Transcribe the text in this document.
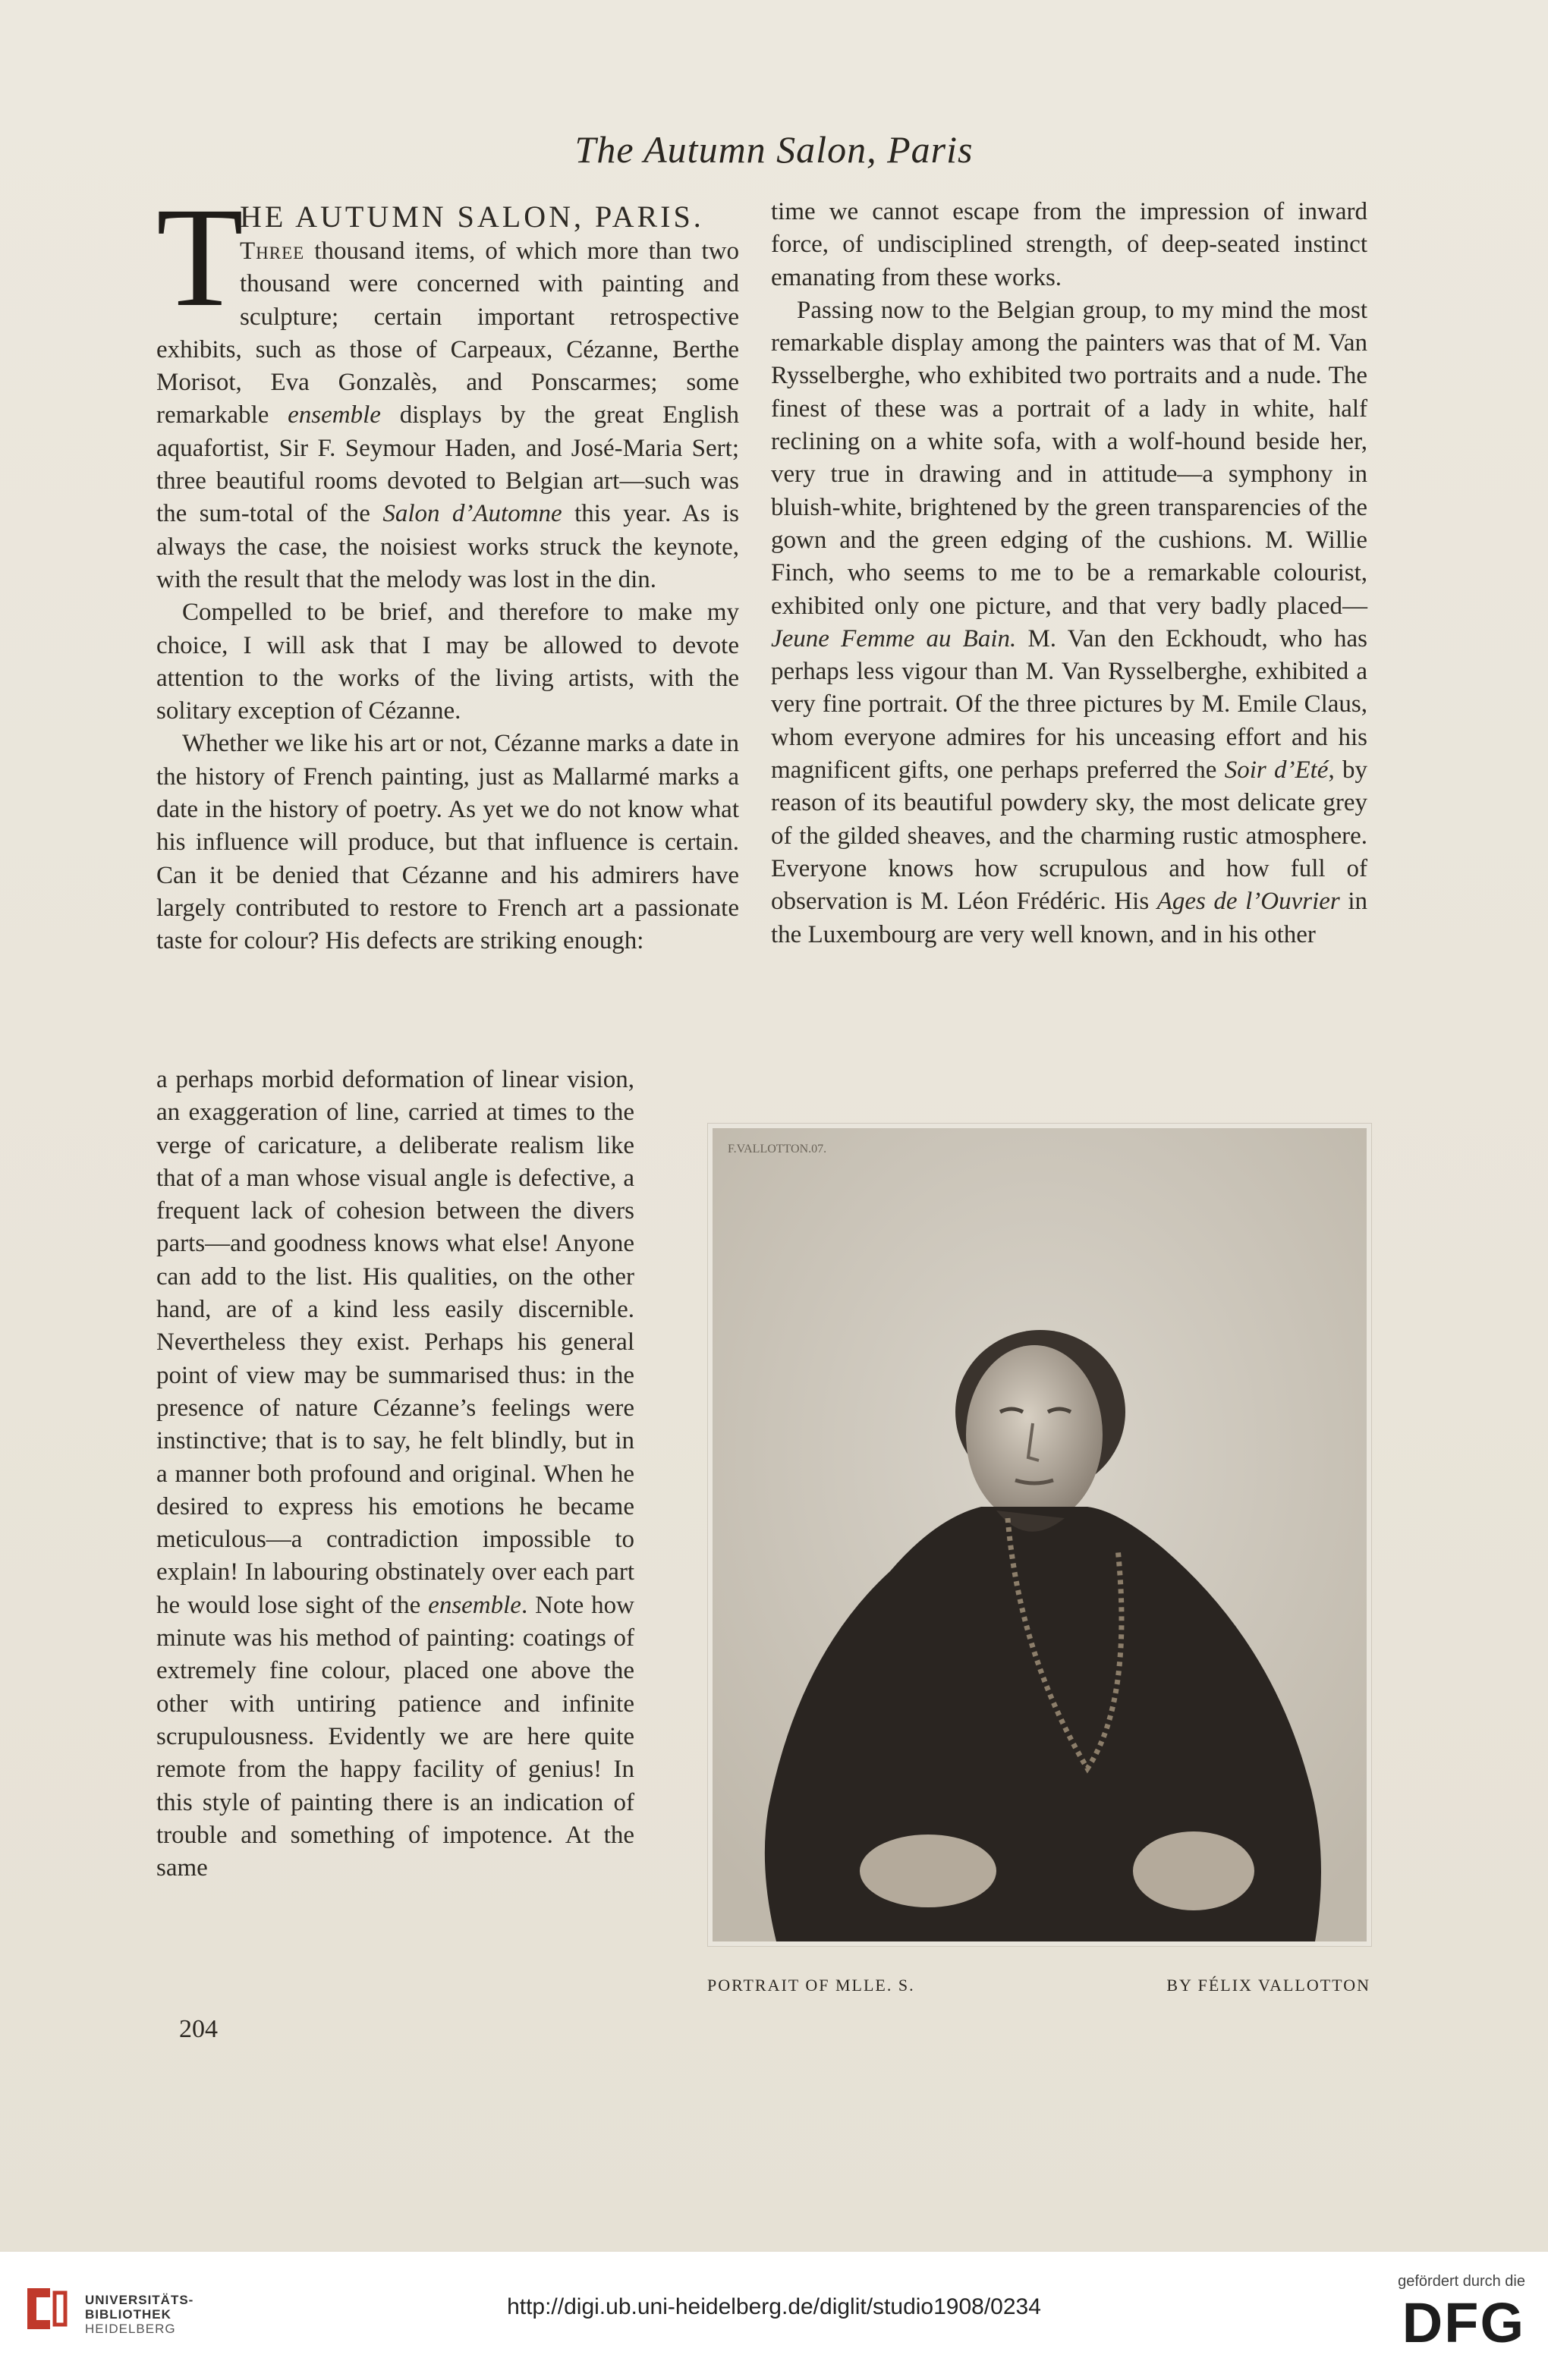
The Autumn Salon, Paris
T
HE AUTUMN SALON, PARIS.

Three thousand items, of which more than two thousand were concerned with painting and sculpture; certain important retrospective exhibits, such as those of Carpeaux, Cézanne, Berthe Morisot, Eva Gonzalès, and Ponscarmes; some remarkable ensemble displays by the great English aquafortist, Sir F. Seymour Haden, and José-Maria Sert; three beautiful rooms devoted to Belgian art—such was the sum-total of the Salon d’Automne this year. As is always the case, the noisiest works struck the keynote, with the result that the melody was lost in the din.

Compelled to be brief, and therefore to make my choice, I will ask that I may be allowed to devote attention to the works of the living artists, with the solitary exception of Cézanne.

Whether we like his art or not, Cézanne marks a date in the history of French painting, just as Mallarmé marks a date in the history of poetry. As yet we do not know what his influence will produce, but that influence is certain. Can it be denied that Cézanne and his admirers have largely contributed to restore to French art a passionate taste for colour? His defects are striking enough:

a perhaps morbid deformation of linear vision, an exaggeration of line, carried at times to the verge of caricature, a deliberate realism like that of a man whose visual angle is defective, a frequent lack of cohesion between the divers parts—and goodness knows what else! Anyone can add to the list. His qualities, on the other hand, are of a kind less easily discernible. Nevertheless they exist. Perhaps his general point of view may be summarised thus: in the presence of nature Cézanne’s feelings were instinctive; that is to say, he felt blindly, but in a manner both profound and original. When he desired to express his emotions he became meticulous—a contradiction impossible to explain! In labouring obstinately over each part he would lose sight of the ensemble. Note how minute was his method of painting: coatings of extremely fine colour, placed one above the other with untiring patience and infinite scrupulousness. Evidently we are here quite remote from the happy facility of genius! In this style of painting there is an indication of trouble and something of impotence. At the same

time we cannot escape from the impression of inward force, of undisciplined strength, of deep-seated instinct emanating from these works.

Passing now to the Belgian group, to my mind the most remarkable display among the painters was that of M. Van Rysselberghe, who exhibited two portraits and a nude. The finest of these was a portrait of a lady in white, half reclining on a white sofa, with a wolf-hound beside her, very true in drawing and in attitude—a symphony in bluish-white, brightened by the green transparencies of the gown and the green edging of the cushions. M. Willie Finch, who seems to me to be a remarkable colourist, exhibited only one picture, and that very badly placed—Jeune Femme au Bain. M. Van den Eckhoudt, who has perhaps less vigour than M. Van Rysselberghe, exhibited a very fine portrait. Of the three pictures by M. Emile Claus, whom everyone admires for his unceasing effort and his magnificent gifts, one perhaps preferred the Soir d’Eté, by reason of its beautiful powdery sky, the most delicate grey of the gilded sheaves, and the charming rustic atmosphere. Everyone knows how scrupulous and how full of observation is M. Léon Frédéric. His Ages de l’Ouvrier in the Luxembourg are very well known, and in his other

F.VALLOTTON.07.
PORTRAIT OF MLLE. S.	BY FÉLIX VALLOTTON
204
UNIVERSITÄTS-
BIBLIOTHEK
HEIDELBERG
http://digi.ub.uni-heidelberg.de/diglit/studio1908/0234
gefördert durch die
DFG
